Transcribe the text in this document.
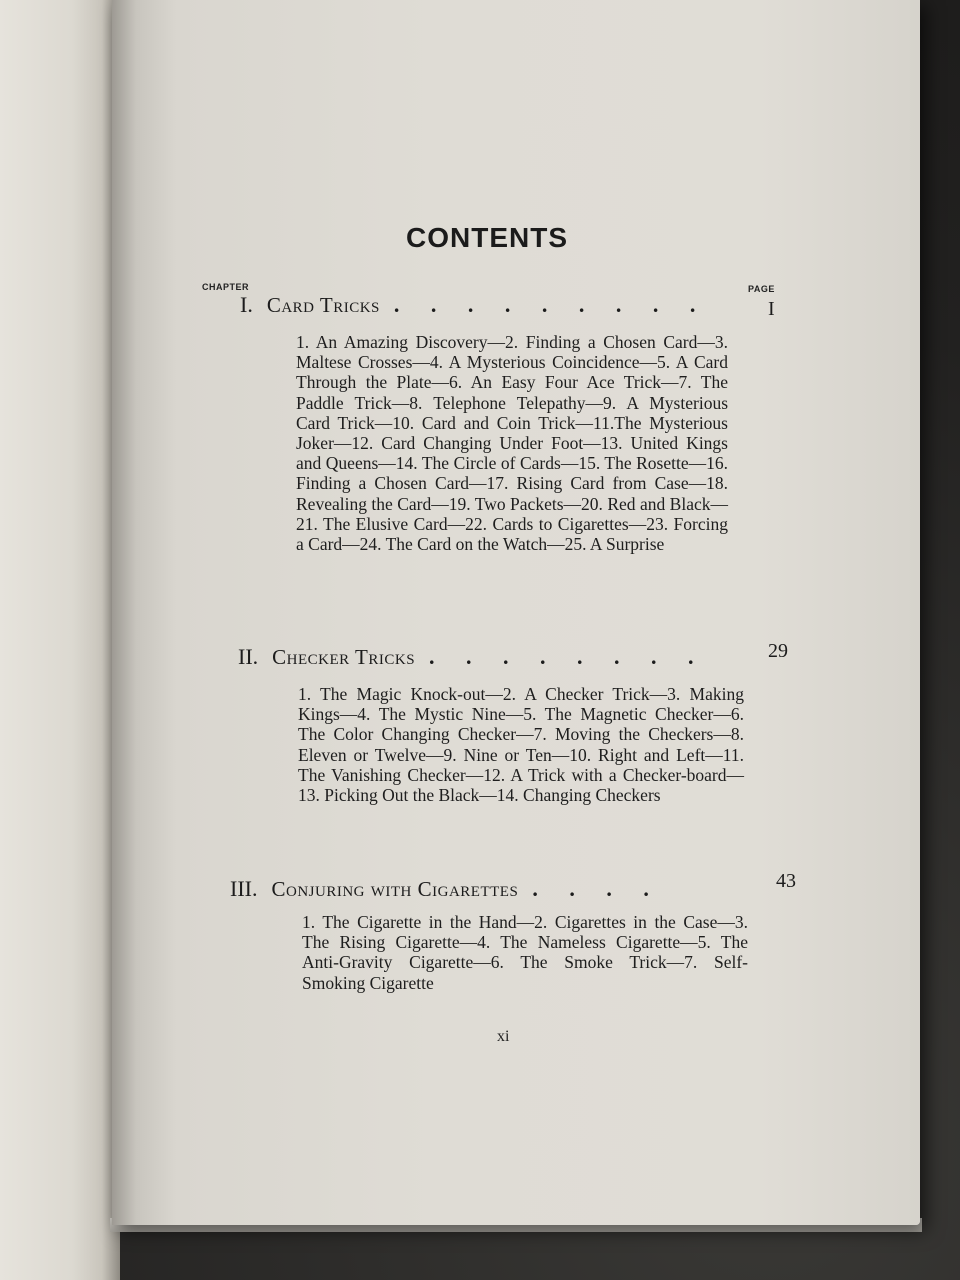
CONTENTS
CHAPTER	PAGE
I. Card Tricks . . . . . . . . .	I
1. An Amazing Discovery—2. Finding a Chosen Card—3. Maltese Crosses—4. A Mysterious Coincidence—5. A Card Through the Plate—6. An Easy Four Ace Trick—7. The Paddle Trick—8. Telephone Telepathy—9. A Mysterious Card Trick—10. Card and Coin Trick—11.The Mysterious Joker—12. Card Changing Under Foot—13. United Kings and Queens—14. The Circle of Cards—15. The Rosette—16. Finding a Chosen Card—17. Rising Card from Case—18. Revealing the Card—19. Two Packets—20. Red and Black—21. The Elusive Card—22. Cards to Cigarettes—23. Forcing a Card—24. The Card on the Watch—25. A Surprise
II. Checker Tricks . . . . . . . .	29
1. The Magic Knock-out—2. A Checker Trick—3. Making Kings—4. The Mystic Nine—5. The Magnetic Checker—6. The Color Changing Checker—7. Moving the Checkers—8. Eleven or Twelve—9. Nine or Ten—10. Right and Left—11. The Vanishing Checker—12. A Trick with a Checker-board—13. Picking Out the Black—14. Changing Checkers
III. Conjuring with Cigarettes . . . .	43
1. The Cigarette in the Hand—2. Cigarettes in the Case—3. The Rising Cigarette—4. The Nameless Cigarette—5. The Anti-Gravity Cigarette—6. The Smoke Trick—7. Self-Smoking Cigarette
xi
